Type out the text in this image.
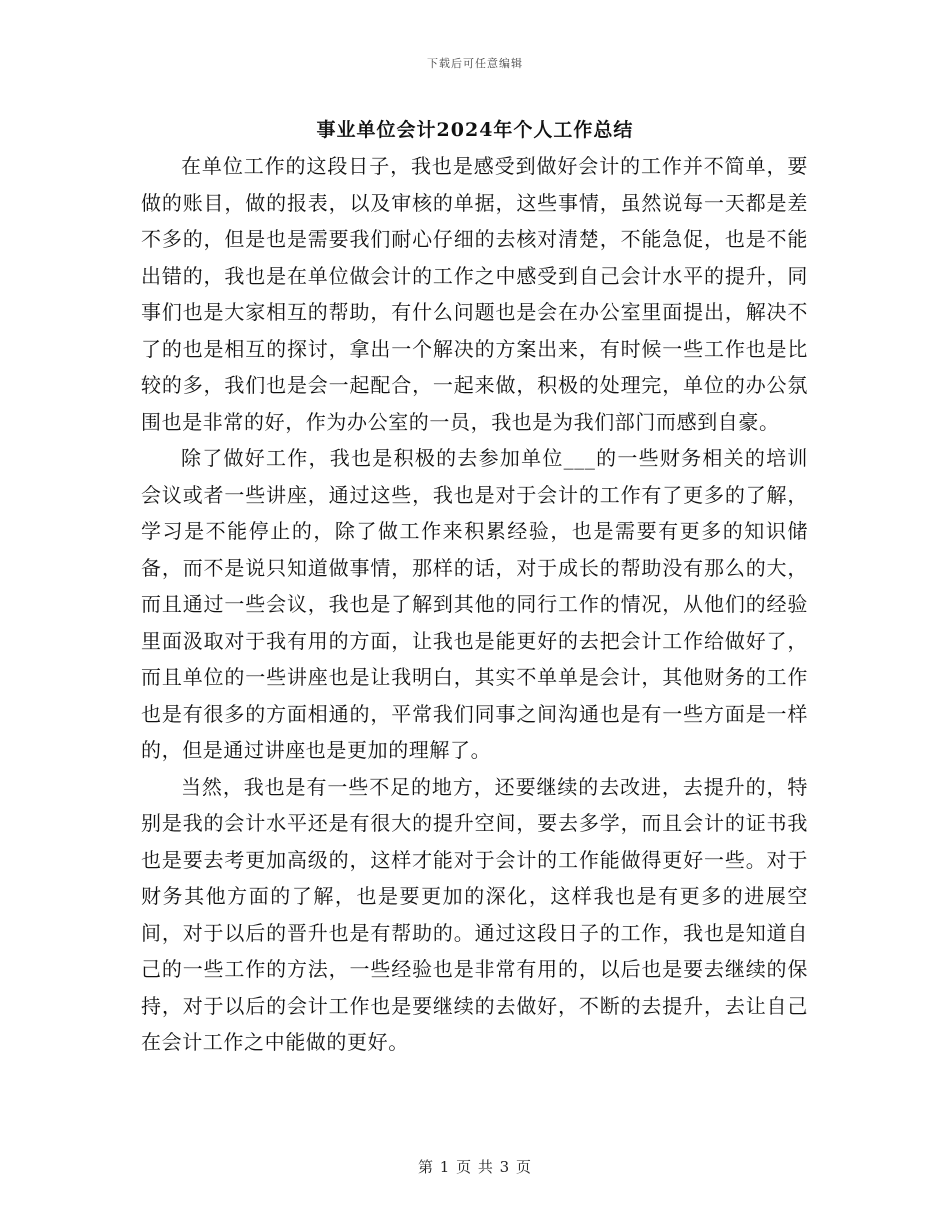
下载后可任意编辑
事业单位会计2024年个人工作总结

在单位工作的这段日子，我也是感受到做好会计的工作并不简单，要做的账目，做的报表，以及审核的单据，这些事情，虽然说每一天都是差不多的，但是也是需要我们耐心仔细的去核对清楚，不能急促，也是不能出错的，我也是在单位做会计的工作之中感受到自己会计水平的提升，同事们也是大家相互的帮助，有什么问题也是会在办公室里面提出，解决不了的也是相互的探讨，拿出一个解决的方案出来，有时候一些工作也是比较的多，我们也是会一起配合，一起来做，积极的处理完，单位的办公氛围也是非常的好，作为办公室的一员，我也是为我们部门而感到自豪。

除了做好工作，我也是积极的去参加单位___的一些财务相关的培训会议或者一些讲座，通过这些，我也是对于会计的工作有了更多的了解，学习是不能停止的，除了做工作来积累经验，也是需要有更多的知识储备，而不是说只知道做事情，那样的话，对于成长的帮助没有那么的大，而且通过一些会议，我也是了解到其他的同行工作的情况，从他们的经验里面汲取对于我有用的方面，让我也是能更好的去把会计工作给做好了，而且单位的一些讲座也是让我明白，其实不单单是会计，其他财务的工作也是有很多的方面相通的，平常我们同事之间沟通也是有一些方面是一样的，但是通过讲座也是更加的理解了。

当然，我也是有一些不足的地方，还要继续的去改进，去提升的，特别是我的会计水平还是有很大的提升空间，要去多学，而且会计的证书我也是要去考更加高级的，这样才能对于会计的工作能做得更好一些。对于财务其他方面的了解，也是要更加的深化，这样我也是有更多的进展空间，对于以后的晋升也是有帮助的。通过这段日子的工作，我也是知道自己的一些工作的方法，一些经验也是非常有用的，以后也是要去继续的保持，对于以后的会计工作也是要继续的去做好，不断的去提升，去让自己在会计工作之中能做的更好。

第 1 页 共 3 页
